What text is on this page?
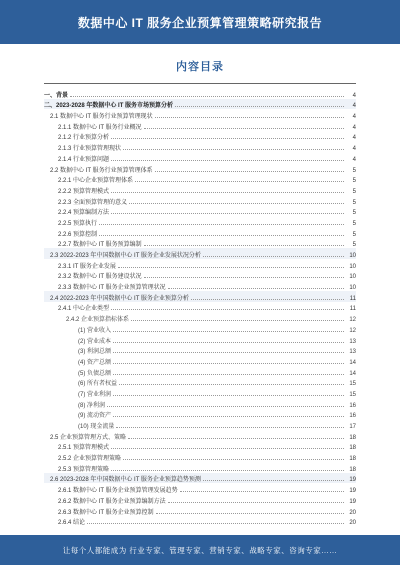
数据中心 IT 服务企业预算管理策略研究报告
内容目录
一、背景	4
二、2023-2028 年数据中心 IT 服务市场预算分析	4
2.1 数据中心 IT 服务行业预算管理现状	4
2.1.1 数据中心 IT 服务行业概况	4
2.1.2 行业预算分析	4
2.1.3 行业预算管理现状	4
2.1.4 行业预算问题	4
2.2 数据中心 IT 服务行业预算管理体系	5
2.2.1 中心企业预算管理体系	5
2.2.2 预算管理模式	5
2.2.3 全面预算管理的意义	5
2.2.4 预算编制方法	5
2.2.5 预算执行	5
2.2.6 预算控制	5
2.2.7 数据中心 IT 服务预算编制	5
2.3 2022-2023 年中国数据中心 IT 服务企业发展状况分析	10
2.3.1 IT 服务企业发展	10
2.3.2 数据中心 IT 服务建设状况	10
2.3.3 数据中心 IT 服务企业预算管理状况	10
2.4 2022-2023 年中国数据中心 IT 服务企业预算分析	11
2.4.1 中心企业类型	11
2.4.2 企业预算指标体系	12
(1) 营业收入	12
(2) 营业成本	13
(3) 利润总额	13
(4) 资产总额	14
(5) 负债总额	14
(6) 所有者权益	15
(7) 营业利润	15
(8) 净利润	16
(9) 流动资产	16
(10) 现金流量	17
2.5 企业预算管理方式、策略	18
2.5.1 预算管理模式	18
2.5.2 企业预算管理策略	18
2.5.3 预算管理策略	18
2.6 2023-2028 年中国数据中心 IT 服务企业预算趋势预测	19
2.6.1 数据中心 IT 服务企业预算管理发展趋势	19
2.6.2 数据中心 IT 服务企业预算编制方法	19
2.6.3 数据中心 IT 服务企业预算控制	20
2.6.4 结论	20
让每个人都能成为 行业专家、管理专家、营销专家、战略专家、咨询专家……
